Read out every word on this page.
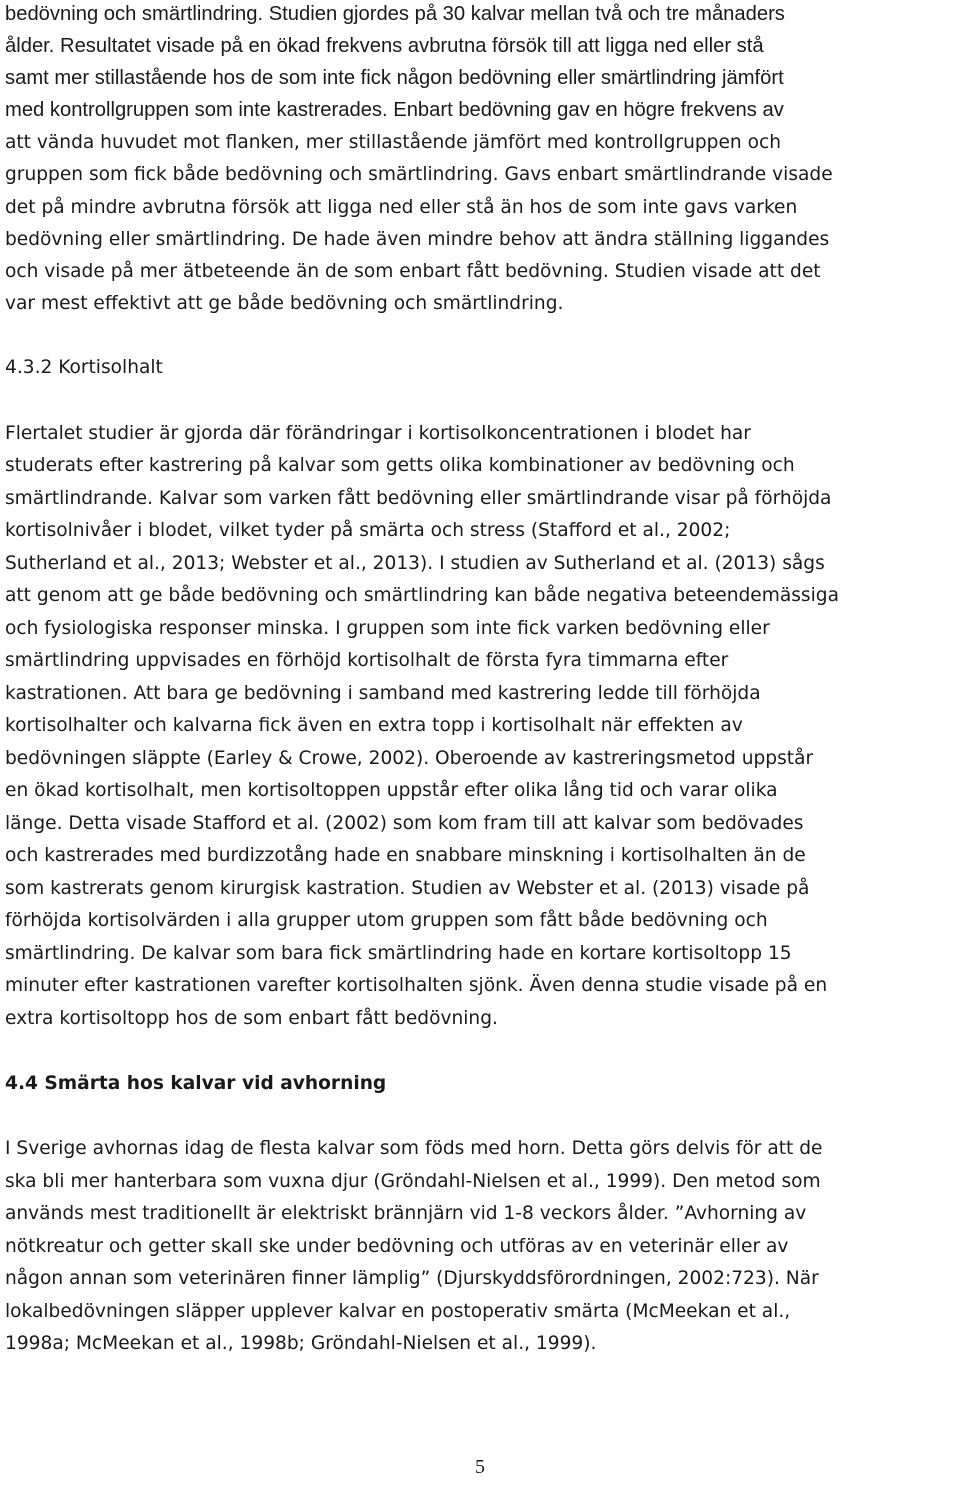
bedövning och smärtlindring. Studien gjordes på 30 kalvar mellan två och tre månaders
ålder. Resultatet visade på en ökad frekvens avbrutna försök till att ligga ned eller stå
samt mer stillastående hos de som inte fick någon bedövning eller smärtlindring jämfört
med kontrollgruppen som inte kastrerades. Enbart bedövning gav en högre frekvens av
att vända huvudet mot flanken, mer stillastående jämfört med kontrollgruppen och
gruppen som fick både bedövning och smärtlindring. Gavs enbart smärtlindrande visade
det på mindre avbrutna försök att ligga ned eller stå än hos de som inte gavs varken
bedövning eller smärtlindring. De hade även mindre behov att ändra ställning liggandes
och visade på mer ätbeteende än de som enbart fått bedövning. Studien visade att det
var mest effektivt att ge både bedövning och smärtlindring.
4.3.2 Kortisolhalt
Flertalet studier är gjorda där förändringar i kortisolkoncentrationen i blodet har
studerats efter kastrering på kalvar som getts olika kombinationer av bedövning och
smärtlindrande. Kalvar som varken fått bedövning eller smärtlindrande visar på förhöjda
kortisolnivåer i blodet, vilket tyder på smärta och stress (Stafford et al., 2002;
Sutherland et al., 2013; Webster et al., 2013). I studien av Sutherland et al. (2013) sågs
att genom att ge både bedövning och smärtlindring kan både negativa beteendemässiga
och fysiologiska responser minska. I gruppen som inte fick varken bedövning eller
smärtlindring uppvisades en förhöjd kortisolhalt de första fyra timmarna efter
kastrationen. Att bara ge bedövning i samband med kastrering ledde till förhöjda
kortisolhalter och kalvarna fick även en extra topp i kortisolhalt när effekten av
bedövningen släppte (Earley & Crowe, 2002). Oberoende av kastreringsmetod uppstår
en ökad kortisolhalt, men kortisoltoppen uppstår efter olika lång tid och varar olika
länge. Detta visade Stafford et al. (2002) som kom fram till att kalvar som bedövades
och kastrerades med burdizzotång hade en snabbare minskning i kortisolhalten än de
som kastrerats genom kirurgisk kastration. Studien av Webster et al. (2013) visade på
förhöjda kortisolvärden i alla grupper utom gruppen som fått både bedövning och
smärtlindring. De kalvar som bara fick smärtlindring hade en kortare kortisoltopp 15
minuter efter kastrationen varefter kortisolhalten sjönk. Även denna studie visade på en
extra kortisoltopp hos de som enbart fått bedövning.
4.4 Smärta hos kalvar vid avhorning
I Sverige avhornas idag de flesta kalvar som föds med horn. Detta görs delvis för att de
ska bli mer hanterbara som vuxna djur (Gröndahl-Nielsen et al., 1999). Den metod som
används mest traditionellt är elektriskt brännjärn vid 1-8 veckors ålder. ”Avhorning av
nötkreatur och getter skall ske under bedövning och utföras av en veterinär eller av
någon annan som veterinären finner lämplig” (Djurskyddsförordningen, 2002:723). När
lokalbedövningen släpper upplever kalvar en postoperativ smärta (McMeekan et al.,
1998a; McMeekan et al., 1998b; Gröndahl-Nielsen et al., 1999).
5
